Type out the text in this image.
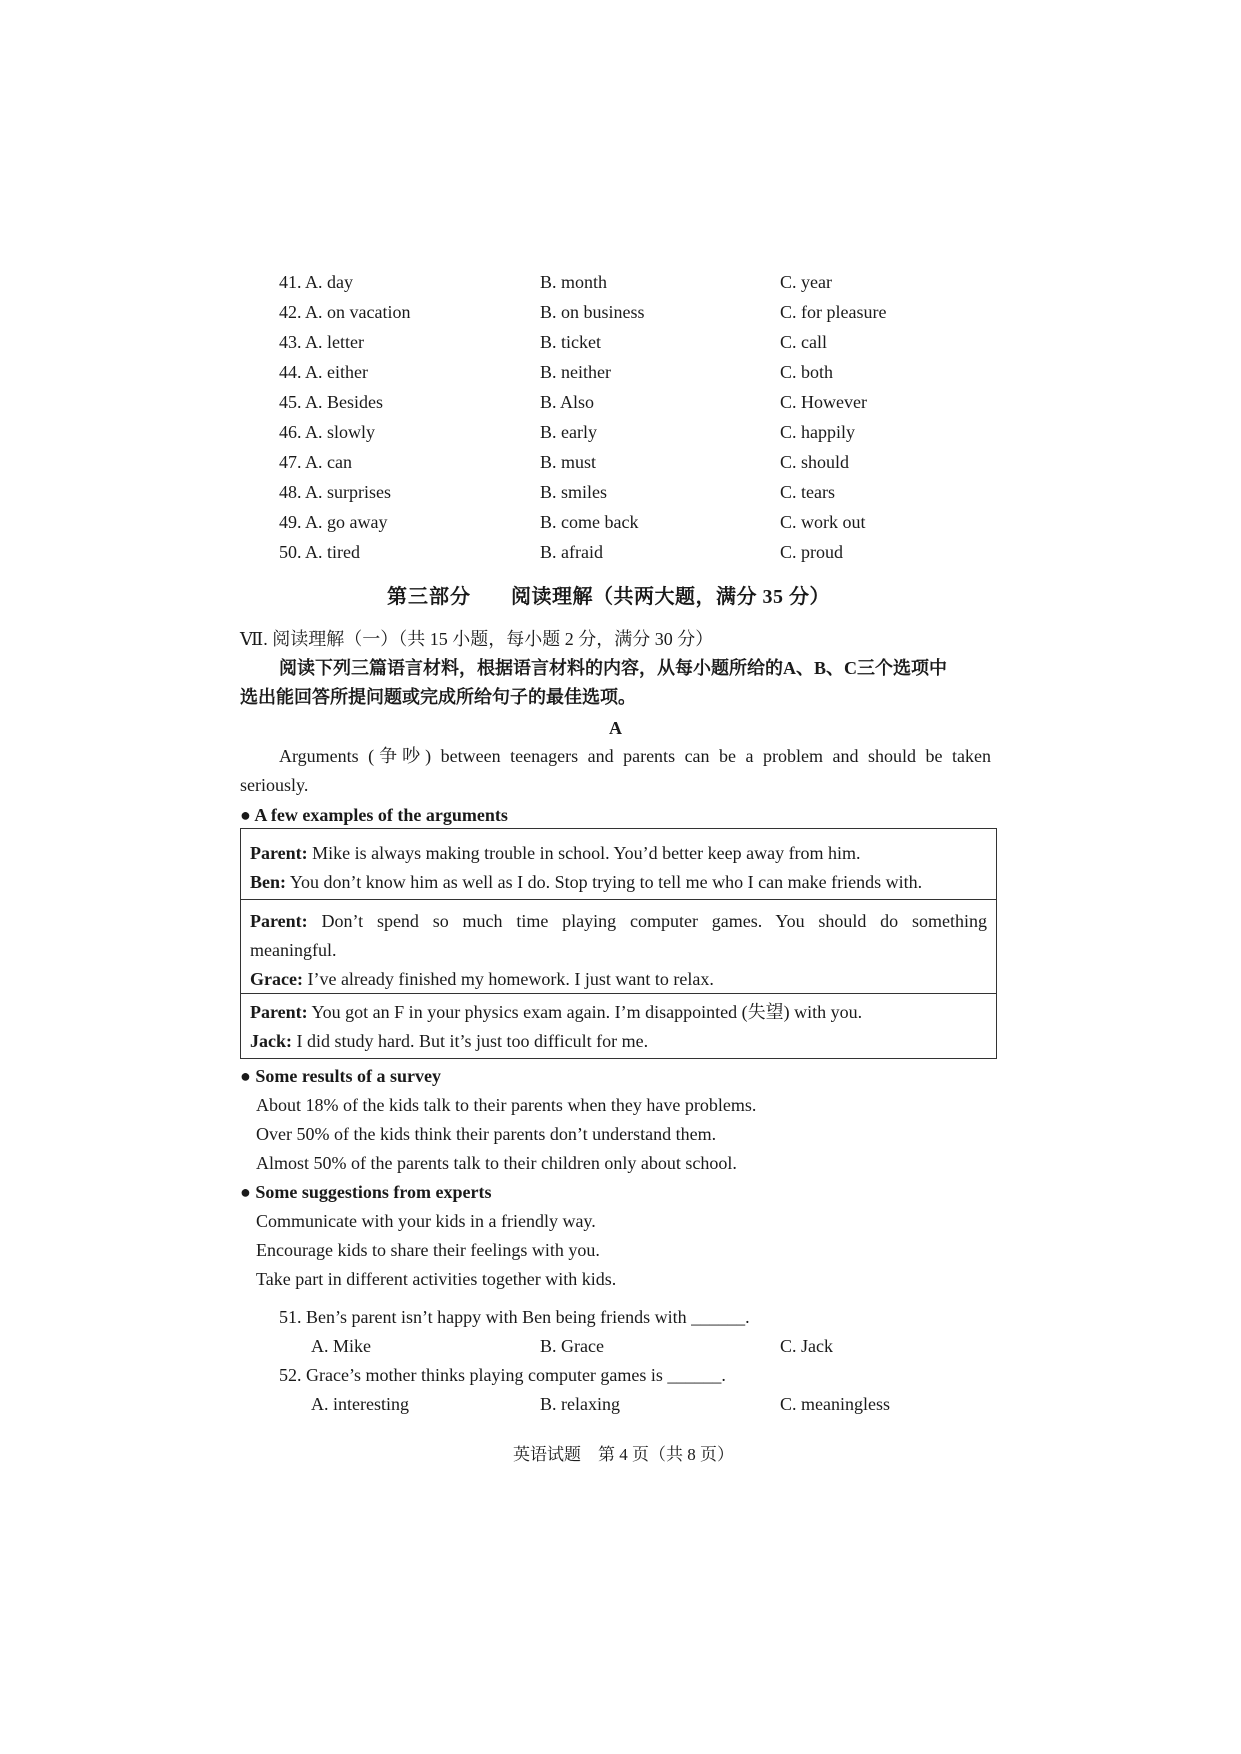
41. A. day	B. month	C. year
42. A. on vacation	B. on business	C. for pleasure
43. A. letter	B. ticket	C. call
44. A. either	B. neither	C. both
45. A. Besides	B. Also	C. However
46. A. slowly	B. early	C. happily
47. A. can	B. must	C. should
48. A. surprises	B. smiles	C. tears
49. A. go away	B. come back	C. work out
50. A. tired	B. afraid	C. proud
第三部分 阅读理解（共两大题，满分 35 分）
Ⅶ. 阅读理解（一）（共 15 小题，每小题 2 分，满分 30 分）
阅读下列三篇语言材料，根据语言材料的内容，从每小题所给的A、B、C三个选项中
选出能回答所提问题或完成所给句子的最佳选项。
A
Arguments (争吵) between teenagers and parents can be a problem and should be taken
seriously.
● A few examples of the arguments
Parent: Mike is always making trouble in school. You’d better keep away from him.
Ben: You don’t know him as well as I do. Stop trying to tell me who I can make friends with.
Parent: Don’t spend so much time playing computer games. You should do something
meaningful.
Grace: I’ve already finished my homework. I just want to relax.
Parent: You got an F in your physics exam again. I’m disappointed (失望) with you.
Jack: I did study hard. But it’s just too difficult for me.
● Some results of a survey
About 18% of the kids talk to their parents when they have problems.
Over 50% of the kids think their parents don’t understand them.
Almost 50% of the parents talk to their children only about school.
● Some suggestions from experts
Communicate with your kids in a friendly way.
Encourage kids to share their feelings with you.
Take part in different activities together with kids.
51. Ben’s parent isn’t happy with Ben being friends with ______.
A. Mike	B. Grace	C. Jack
52. Grace’s mother thinks playing computer games is ______.
A. interesting	B. relaxing	C. meaningless
英语试题　第 4 页（共 8 页）
